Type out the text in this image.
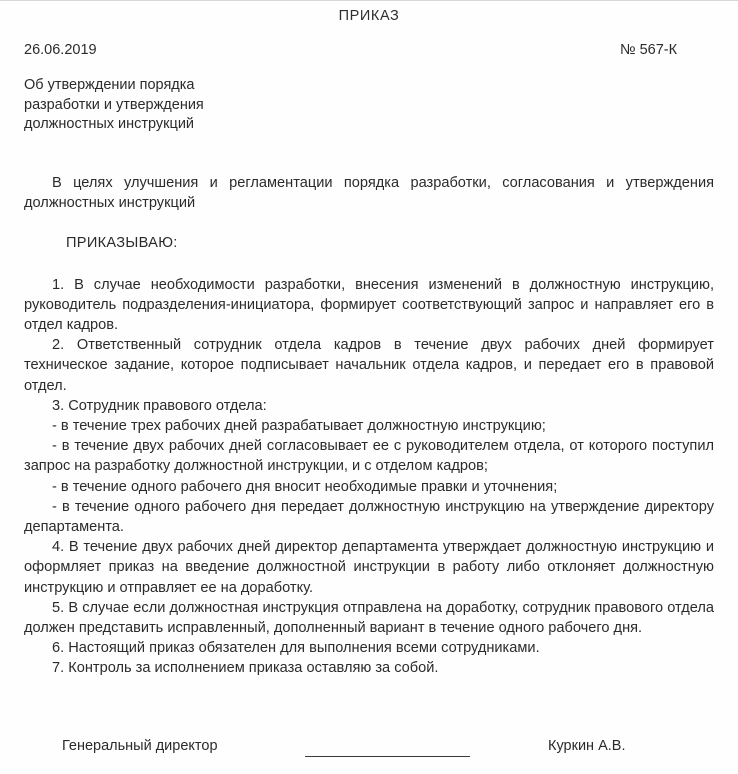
ПРИКАЗ
26.06.2019	№ 567-К
Об утверждении порядка
разработки и утверждения
должностных инструкций

В целях улучшения и регламентации порядка разработки, согласования и утверждения должностных инструкций

ПРИКАЗЫВАЮ:

1. В случае необходимости разработки, внесения изменений в должностную инструкцию, руководитель подразделения-инициатора, формирует соответствующий запрос и направляет его в отдел кадров.

2. Ответственный сотрудник отдела кадров в течение двух рабочих дней формирует техническое задание, которое подписывает начальник отдела кадров, и передает его в правовой отдел.

3. Сотрудник правового отдела:

- в течение трех рабочих дней разрабатывает должностную инструкцию;

- в течение двух рабочих дней согласовывает ее с руководителем отдела, от которого поступил запрос на разработку должностной инструкции, и с отделом кадров;

- в течение одного рабочего дня вносит необходимые правки и уточнения;

- в течение одного рабочего дня передает должностную инструкцию на утверждение директору департамента.

4. В течение двух рабочих дней директор департамента утверждает должностную инструкцию и оформляет приказ на введение должностной инструкции в работу либо отклоняет должностную инструкцию и отправляет ее на доработку.

5. В случае если должностная инструкция отправлена на доработку, сотрудник правового отдела должен представить исправленный, дополненный вариант в течение одного рабочего дня.

6. Настоящий приказ обязателен для выполнения всеми сотрудниками.

7. Контроль за исполнением приказа оставляю за собой.

Генеральный директор	Куркин А.В.
